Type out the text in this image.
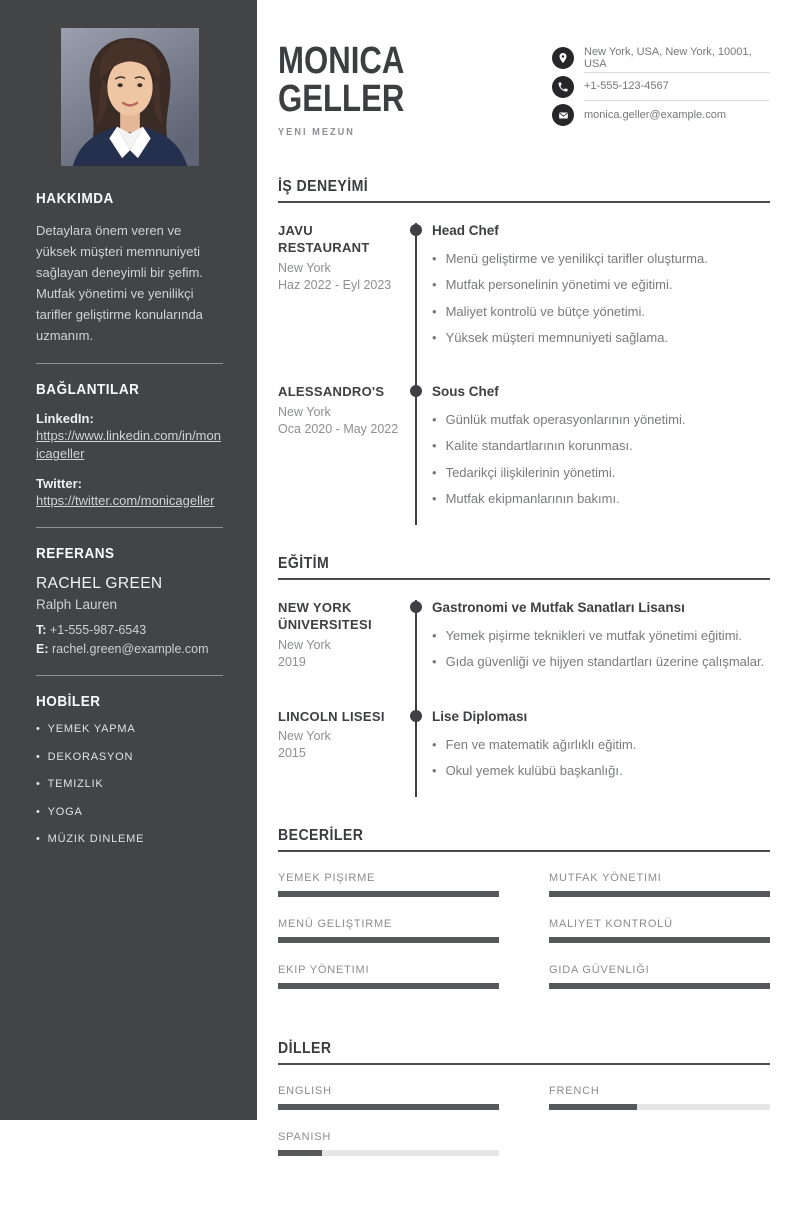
HAKKIMDA

Detaylara önem veren ve yüksek müşteri memnuniyeti sağlayan deneyimli bir şefim. Mutfak yönetimi ve yenilikçi tarifler geliştirme konularında uzmanım.

BAĞLANTILAR
LinkedIn:
https://www.linkedin.com/in/monicageller
Twitter:
https://twitter.com/monicageller
REFERANS
RACHEL GREEN
Ralph Lauren
T: +1-555-987-6543
E: rachel.green@example.com
HOBİLER
• YEMEK YAPMA
• DEKORASYON
• TEMIZLIK
• YOGA
• MÜZIK DINLEME
MONICA
GELLER
YENI MEZUN
New York, USA, New York, 10001, USA
+1-555-123-4567
monica.geller@example.com
İŞ DENEYİMİ
JAVU RESTAURANT
New York
Haz 2022 - Eyl 2023
Head Chef
• Menü geliştirme ve yenilikçi tarifler oluşturma.
• Mutfak personelinin yönetimi ve eğitimi.
• Maliyet kontrolü ve bütçe yönetimi.
• Yüksek müşteri memnuniyeti sağlama.
ALESSANDRO'S
New York
Oca 2020 - May 2022
Sous Chef
• Günlük mutfak operasyonlarının yönetimi.
• Kalite standartlarının korunması.
• Tedarikçi ilişkilerinin yönetimi.
• Mutfak ekipmanlarının bakımı.
EĞİTİM
NEW YORK ÜNIVERSITESI
New York
2019
Gastronomi ve Mutfak Sanatları Lisansı
• Yemek pişirme teknikleri ve mutfak yönetimi eğitimi.
• Gıda güvenliği ve hijyen standartları üzerine çalışmalar.
LINCOLN LISESI
New York
2015
Lise Diploması
• Fen ve matematik ağırlıklı eğitim.
• Okul yemek kulübü başkanlığı.
BECERİLER
YEMEK PIŞIRME	MUTFAK YÖNETIMI
MENÜ GELIŞTIRME	MALIYET KONTROLÜ
EKIP YÖNETIMI	GIDA GÜVENLIĞI
DİLLER
ENGLISH	FRENCH
SPANISH
